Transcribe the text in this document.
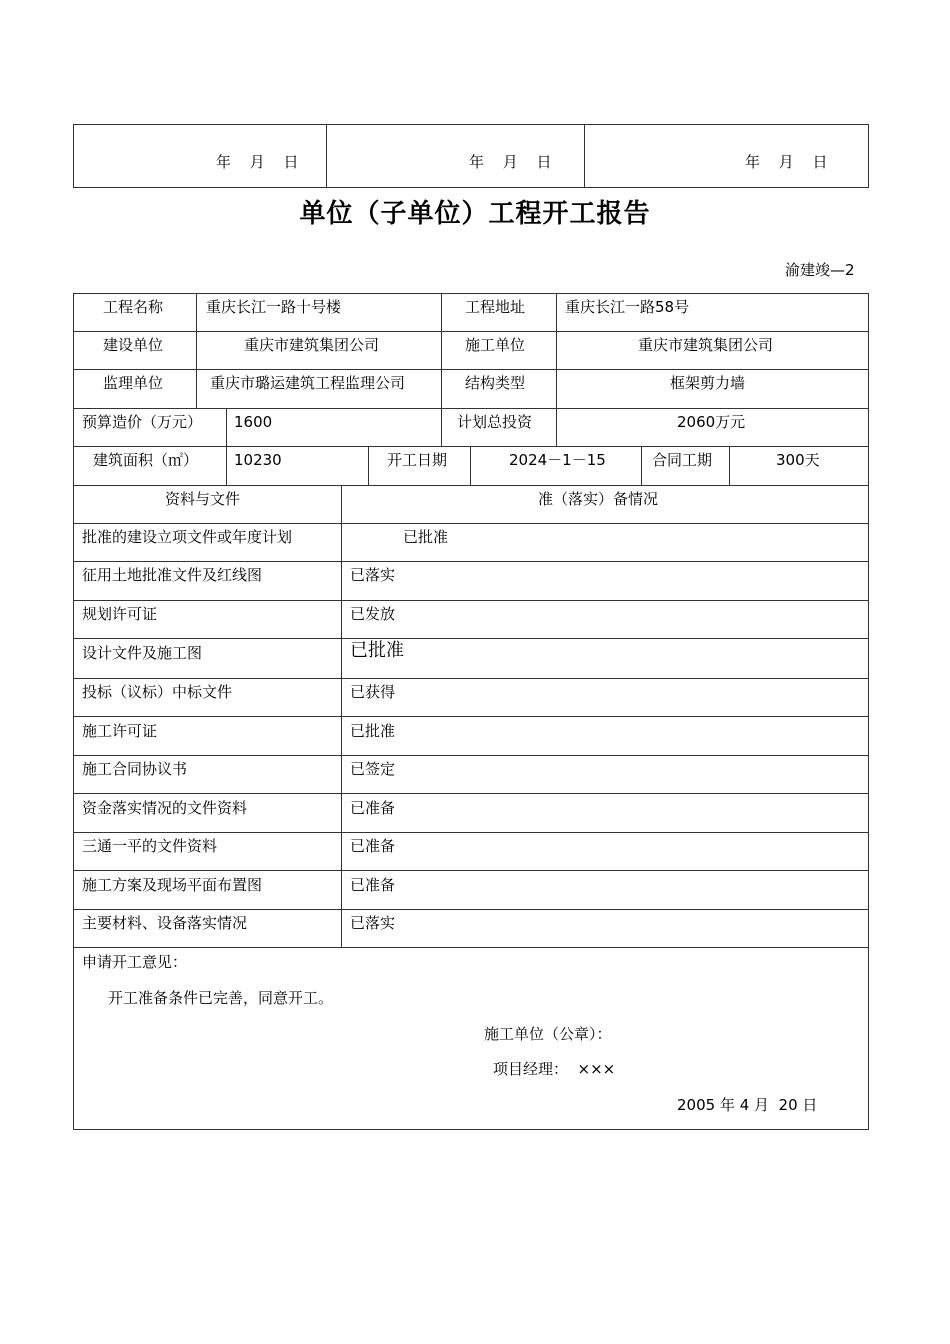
年 月 日	年 月 日	年 月 日
单位（子单位）工程开工报告
渝建竣—2
工程名称	重庆长江一路十号楼	工程地址	重庆长江一路58号
建设单位	重庆市建筑集团公司	施工单位	重庆市建筑集团公司
监理单位	重庆市璐运建筑工程监理公司	结构类型	框架剪力墙
预算造价（万元） 1600	计划总投资	2060万元
建筑面积（㎡） 10230	开工日期	2024－1－15	合同工期	300天
资料与文件	准（落实）备情况
批准的建设立项文件或年度计划	已批准
征用土地批准文件及红线图	已落实
规划许可证	已发放
设计文件及施工图	已批准
投标（议标）中标文件	已获得
施工许可证	已批准
施工合同协议书	已签定
资金落实情况的文件资料	已准备
三通一平的文件资料	已准备
施工方案及现场平面布置图	已准备
主要材料、设备落实情况	已落实
申请开工意见：
开工准备条件已完善，同意开工。
施工单位（公章）：
项目经理：  ×××
2005 年 4 月  20 日
